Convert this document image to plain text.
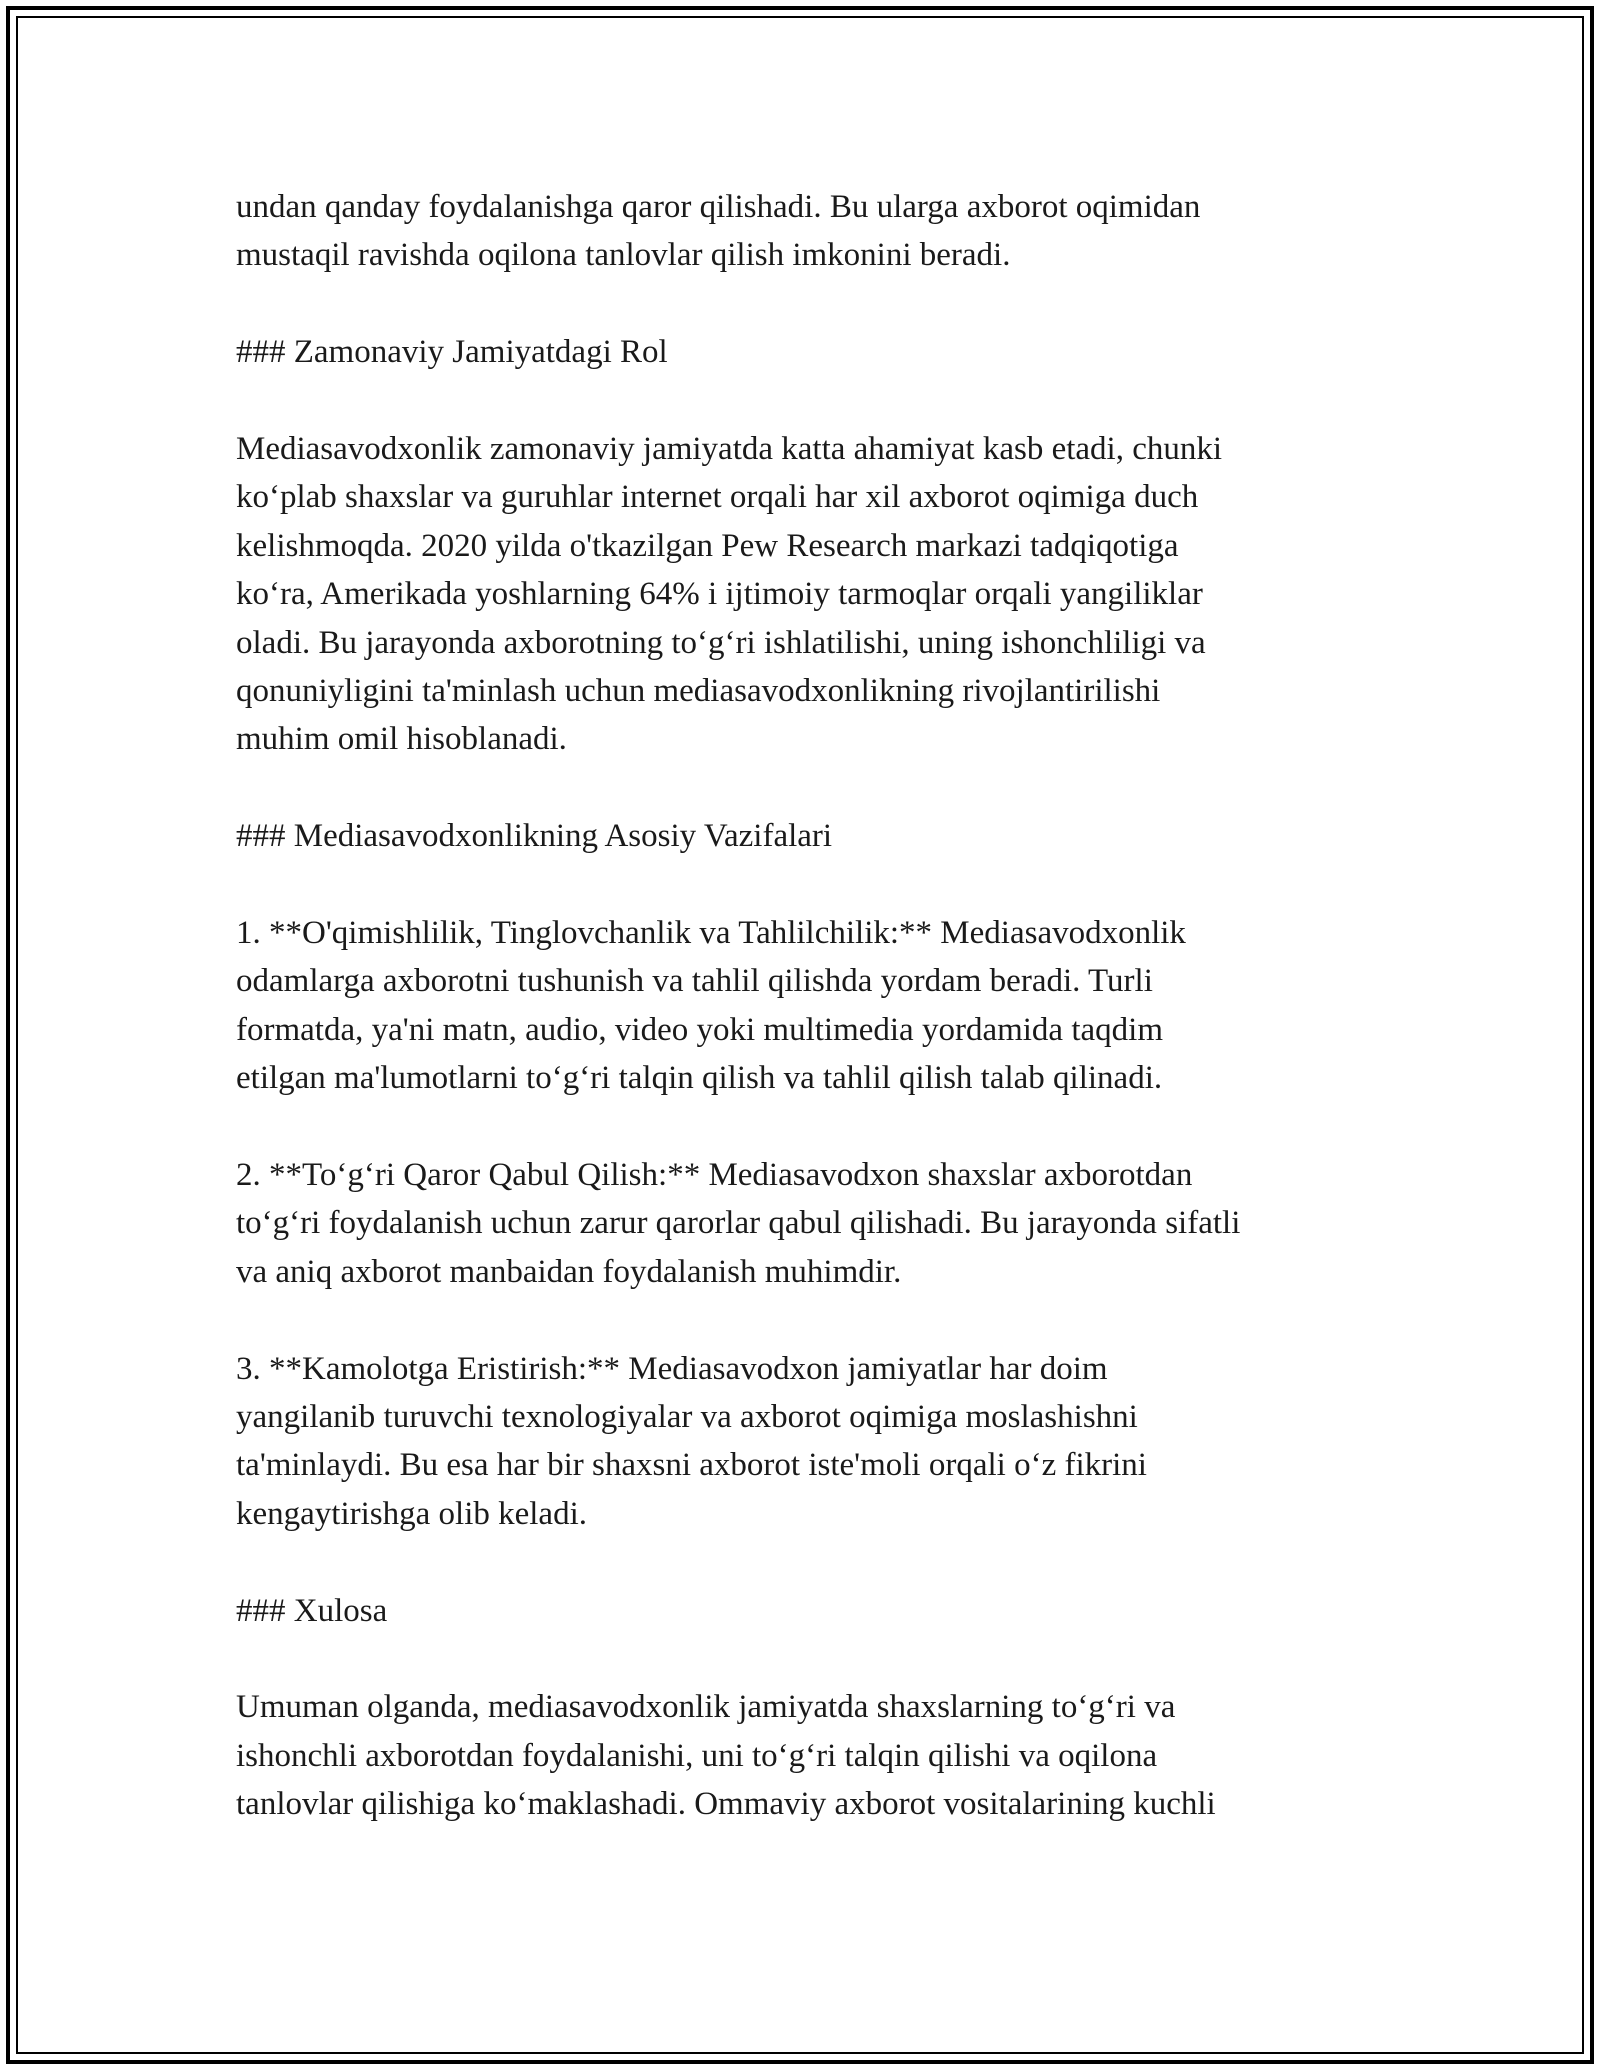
undan qanday foydalanishga qaror qilishadi. Bu ularga axborot oqimidan
mustaqil ravishda oqilona tanlovlar qilish imkonini beradi.

### Zamonaviy Jamiyatdagi Rol

Mediasavodxonlik zamonaviy jamiyatda katta ahamiyat kasb etadi, chunki
ko‘plab shaxslar va guruhlar internet orqali har xil axborot oqimiga duch
kelishmoqda. 2020 yilda o'tkazilgan Pew Research markazi tadqiqotiga
ko‘ra, Amerikada yoshlarning 64% i ijtimoiy tarmoqlar orqali yangiliklar
oladi. Bu jarayonda axborotning to‘g‘ri ishlatilishi, uning ishonchliligi va
qonuniyligini ta'minlash uchun mediasavodxonlikning rivojlantirilishi
muhim omil hisoblanadi.

### Mediasavodxonlikning Asosiy Vazifalari

1. **O'qimishlilik, Tinglovchanlik va Tahlilchilik:** Mediasavodxonlik
odamlarga axborotni tushunish va tahlil qilishda yordam beradi. Turli
formatda, ya'ni matn, audio, video yoki multimedia yordamida taqdim
etilgan ma'lumotlarni to‘g‘ri talqin qilish va tahlil qilish talab qilinadi.

2. **To‘g‘ri Qaror Qabul Qilish:** Mediasavodxon shaxslar axborotdan
to‘g‘ri foydalanish uchun zarur qarorlar qabul qilishadi. Bu jarayonda sifatli
va aniq axborot manbaidan foydalanish muhimdir.

3. **Kamolotga Eristirish:** Mediasavodxon jamiyatlar har doim
yangilanib turuvchi texnologiyalar va axborot oqimiga moslashishni
ta'minlaydi. Bu esa har bir shaxsni axborot iste'moli orqali o‘z fikrini
kengaytirishga olib keladi.

### Xulosa

Umuman olganda, mediasavodxonlik jamiyatda shaxslarning to‘g‘ri va
ishonchli axborotdan foydalanishi, uni to‘g‘ri talqin qilishi va oqilona
tanlovlar qilishiga ko‘maklashadi. Ommaviy axborot vositalarining kuchli
